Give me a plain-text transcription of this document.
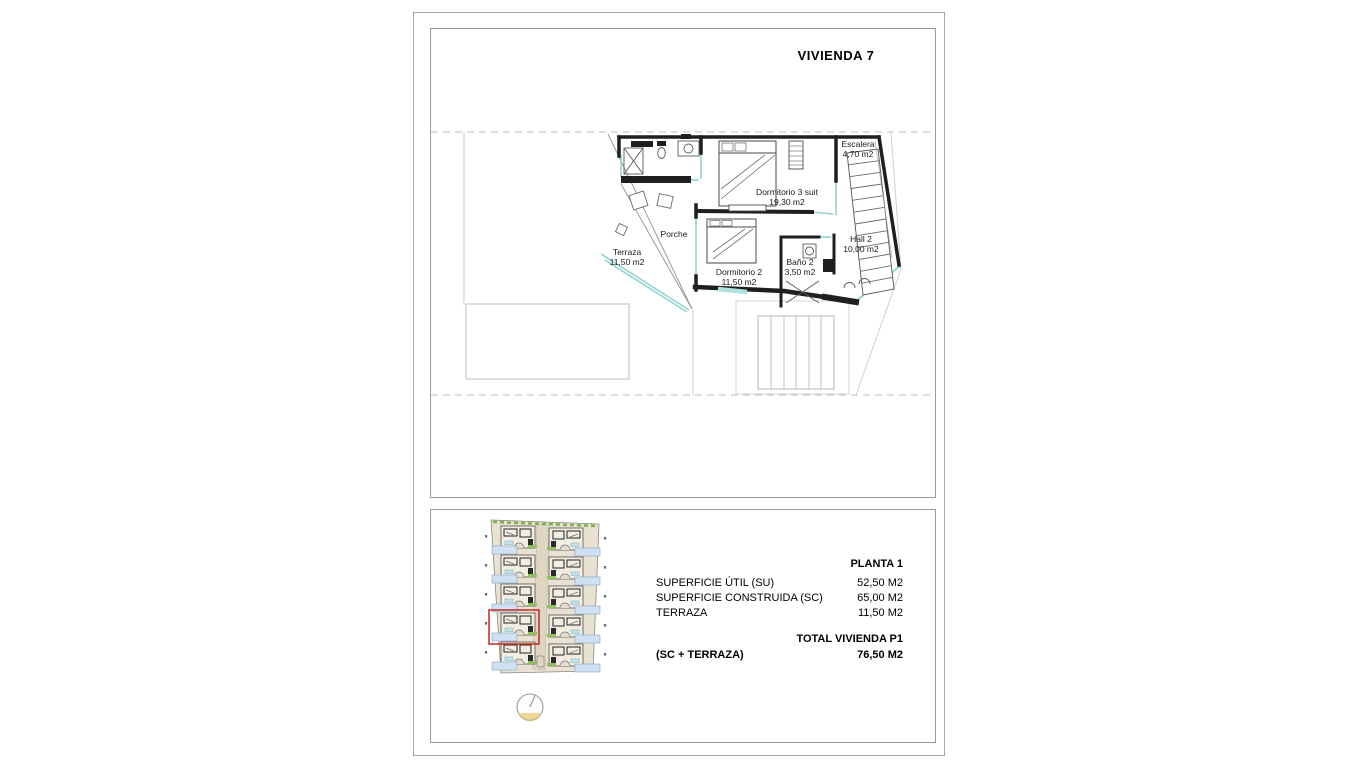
VIVIENDA 7
Escalera
4,70 m2
Dormitorio 3 suit
19,30 m2
Porche
Terraza
11,50 m2
Dormitorio 2
11,50 m2
Baño 2
3,50 m2
Hall 2
10,00 m2
PLANTA 1
SUPERFICIE ÚTIL (SU)	52,50 M2
SUPERFICIE CONSTRUIDA (SC)	65,00 M2
TERRAZA	11,50 M2
TOTAL VIVIENDA P1
(SC + TERRAZA)	76,50 M2
